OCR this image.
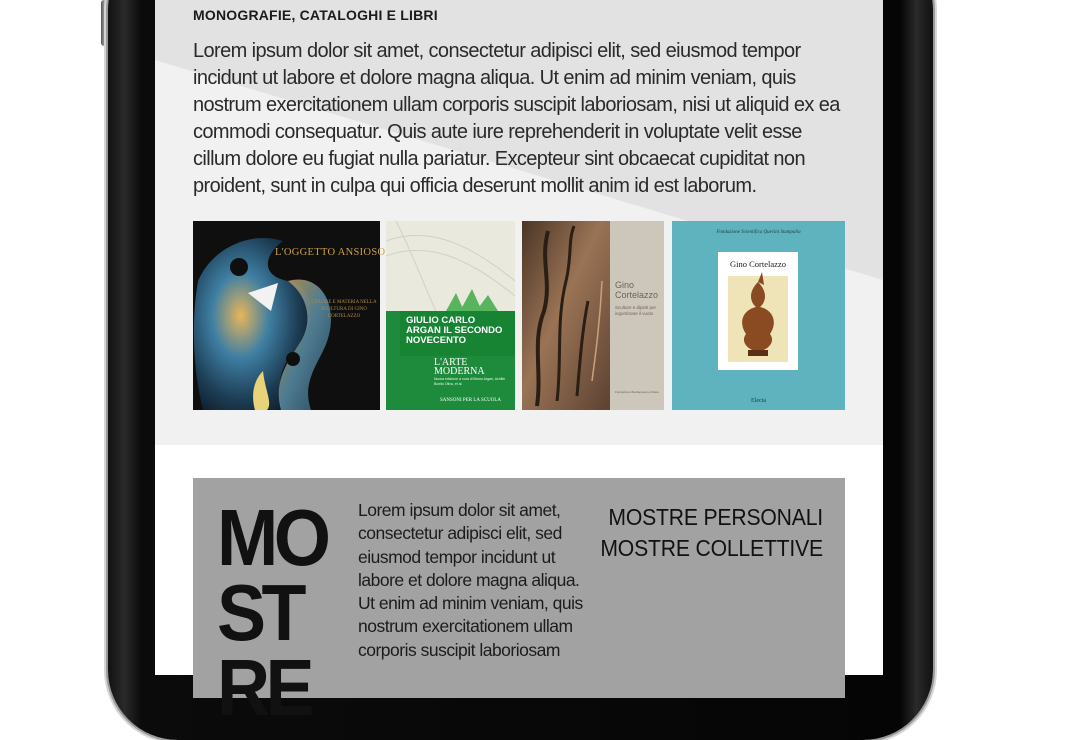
MONOGRAFIE, CATALOGHI E LIBRI

Lorem ipsum dolor sit amet, consectetur adipisci elit, sed eiusmod tempor incidunt ut labore et dolore magna aliqua. Ut enim ad minim veniam, quis nostrum exercitationem ullam corporis suscipit laboriosam, nisi ut aliquid ex ea commodi consequatur. Quis aute iure reprehenderit in voluptate velit esse cillum dolore eu fugiat nulla pariatur. Excepteur sint obcaecat cupiditat non proident, sunt in culpa qui officia deserunt mollit anim id est laborum.

L'OGGETTO ANSIOSO
COLORE E MATERIA NELLA SCULTURA DI GINO CORTELAZZO	GIULIO CARLO ARGAN IL SECONDO NOVECENTO
L'ARTE MODERNA
Nuova edizione a cura di Bruno Argan, Achille Bonito Oliva, et al.
SANSONI PER LA SCUOLA
Gino Cortelazzo
Sculture e dipinti per ingombrare il vuoto
Fondazione Bevilacqua La Masa
Fondazione Scientifica Querini Stampalia
Gino Cortelazzo
Electa
MOSTRE

Lorem ipsum dolor sit amet, consectetur adipisci elit, sed eiusmod tempor incidunt ut labore et dolore magna aliqua. Ut enim ad minim veniam, quis nostrum exercitationem ullam corporis suscipit laboriosam

MOSTRE PERSONALI
MOSTRE COLLETTIVE
